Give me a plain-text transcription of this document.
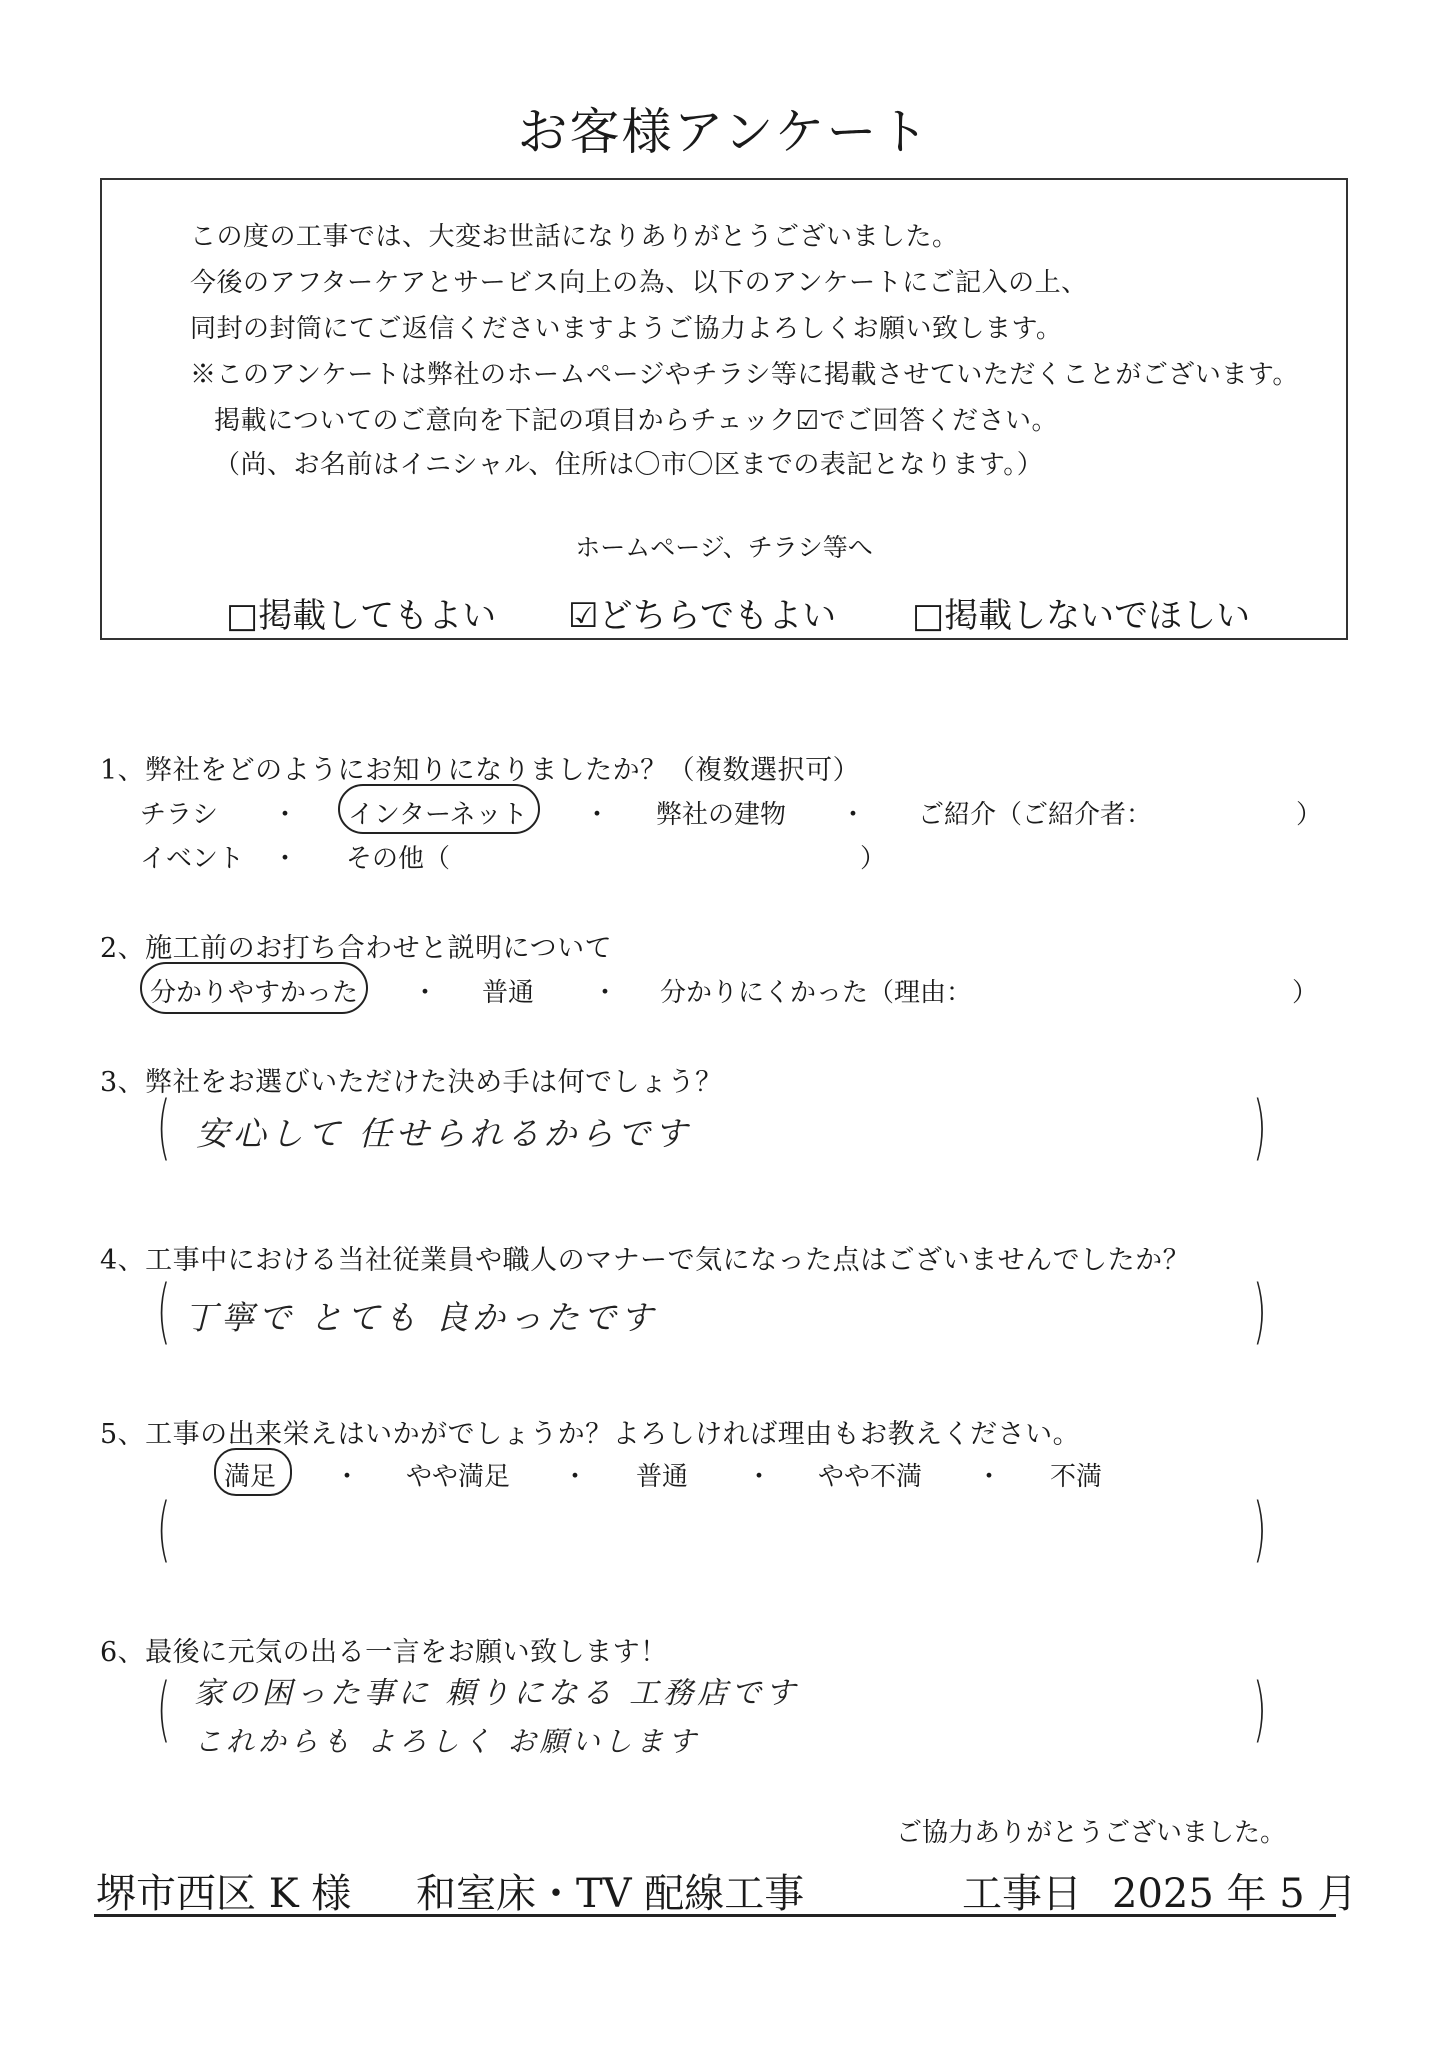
お客様アンケート
この度の工事では、大変お世話になりありがとうございました。
今後のアフターケアとサービス向上の為、以下のアンケートにご記入の上、
同封の封筒にてご返信くださいますようご協力よろしくお願い致します。
※このアンケートは弊社のホームページやチラシ等に掲載させていただくことがございます。
掲載についてのご意向を下記の項目からチェック☑でご回答ください。
（尚、お名前はイニシャル、住所は〇市〇区までの表記となります。）
ホームページ、チラシ等へ
□掲載してもよい ☑どちらでもよい □掲載しないでほしい
1、弊社をどのようにお知りになりましたか？（複数選択可）
チラシ ・ インターネット ・ 弊社の建物 ・ ご紹介（ご紹介者：	）
イベント ・ その他（	）
2、施工前のお打ち合わせと説明について
分かりやすかった ・ 普通 ・ 分かりにくかった（理由：	）
3、弊社をお選びいただけた決め手は何でしょう？
(	)
安心して 任せられるからです
4、工事中における当社従業員や職人のマナーで気になった点はございませんでしたか？
(	)
丁寧で とても 良かったです
5、工事の出来栄えはいかがでしょうか？よろしければ理由もお教えください。
満足 ・ やや満足 ・ 普通 ・ やや不満 ・ 不満
(	)
6、最後に元気の出る一言をお願い致します！
(	)
家の困った事に 頼りになる 工務店です
これからも よろしく お願いします
ご協力ありがとうございました。
堺市西区 K 様 和室床・TV 配線工事	工事日 2025 年 5 月
